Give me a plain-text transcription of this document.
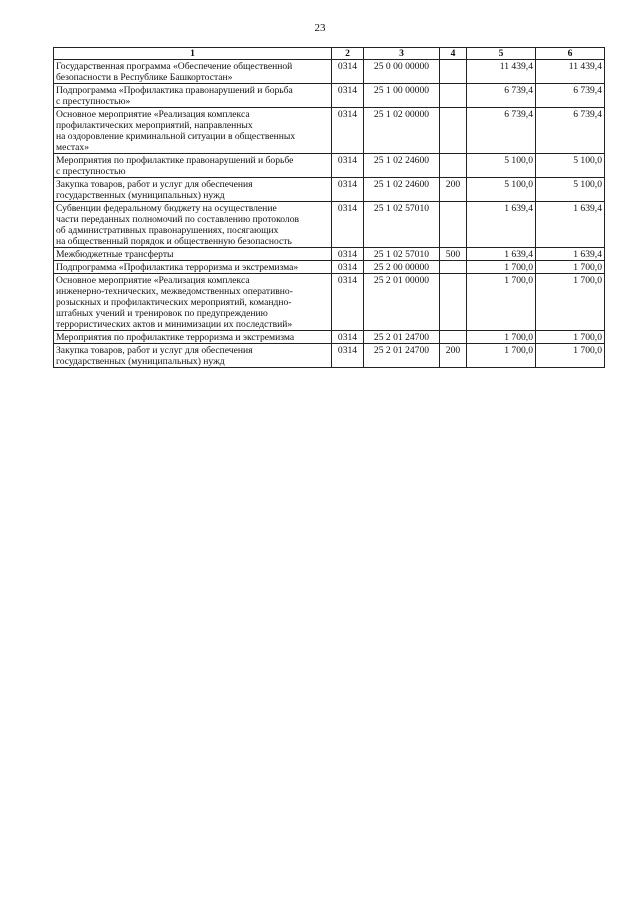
23
1	2	3	4	5	6
Государственная программа «Обеспечение общественной
безопасности в Республике Башкортостан»	0314	25 0 00 00000		11 439,4	11 439,4
Подпрограмма «Профилактика правонарушений и борьба
с преступностью»	0314	25 1 00 00000		6 739,4	6 739,4
Основное мероприятие «Реализация комплекса
профилактических мероприятий, направленных
на оздоровление криминальной ситуации в общественных
местах»	0314	25 1 02 00000		6 739,4	6 739,4
Мероприятия по профилактике правонарушений и борьбе
с преступностью	0314	25 1 02 24600		5 100,0	5 100,0
Закупка товаров, работ и услуг для обеспечения
государственных (муниципальных) нужд	0314	25 1 02 24600	200	5 100,0	5 100,0
Субвенции федеральному бюджету на осуществление
части переданных полномочий по составлению протоколов
об административных правонарушениях, посягающих
на общественный порядок и общественную безопасность	0314	25 1 02 57010		1 639,4	1 639,4
Межбюджетные трансферты	0314	25 1 02 57010	500	1 639,4	1 639,4
Подпрограмма «Профилактика терроризма и экстремизма»	0314	25 2 00 00000		1 700,0	1 700,0
Основное мероприятие «Реализация комплекса
инженерно-технических, межведомственных оперативно-
розыскных и профилактических мероприятий, командно-
штабных учений и тренировок по предупреждению
террористических актов и минимизации их последствий»	0314	25 2 01 00000		1 700,0	1 700,0
Мероприятия по профилактике терроризма и экстремизма	0314	25 2 01 24700		1 700,0	1 700,0
Закупка товаров, работ и услуг для обеспечения
государственных (муниципальных) нужд	0314	25 2 01 24700	200	1 700,0	1 700,0
